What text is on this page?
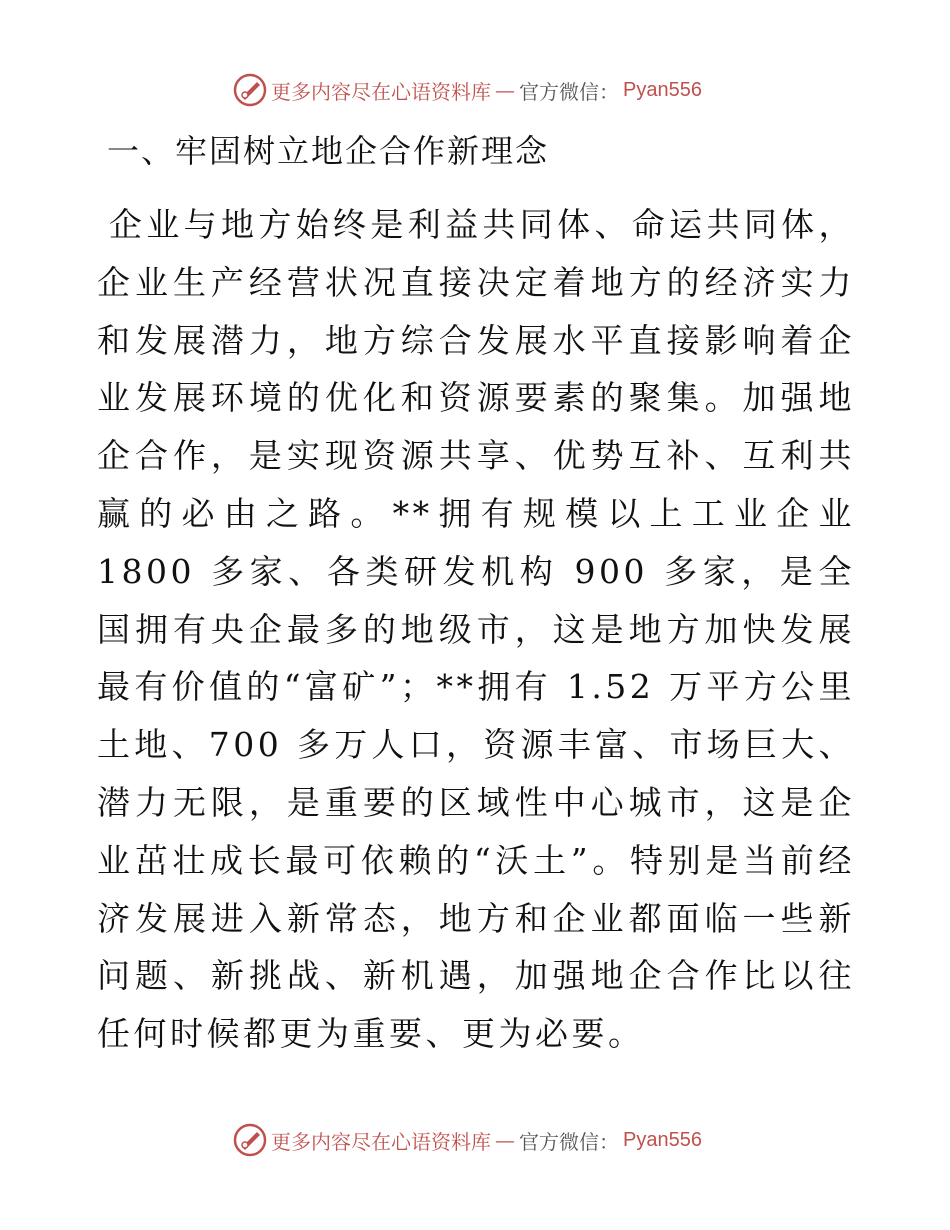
更多内容尽在心语资料库 — 官方微信： Pyan556
一、牢固树立地企合作新理念

企业与地方始终是利益共同体、命运共同体，企业生产经营状况直接决定着地方的经济实力和发展潜力，地方综合发展水平直接影响着企业发展环境的优化和资源要素的聚集。加强地企合作，是实现资源共享、优势互补、互利共赢的必由之路。**拥有规模以上工业企业 1800 多家、各类研发机构 900 多家，是全国拥有央企最多的地级市，这是地方加快发展最有价值的“富矿”；**拥有 1.52 万平方公里土地、700 多万人口，资源丰富、市场巨大、潜力无限，是重要的区域性中心城市，这是企业茁壮成长最可依赖的“沃土”。特别是当前经济发展进入新常态，地方和企业都面临一些新问题、新挑战、新机遇，加强地企合作比以往任何时候都更为重要、更为必要。

更多内容尽在心语资料库 — 官方微信： Pyan556
